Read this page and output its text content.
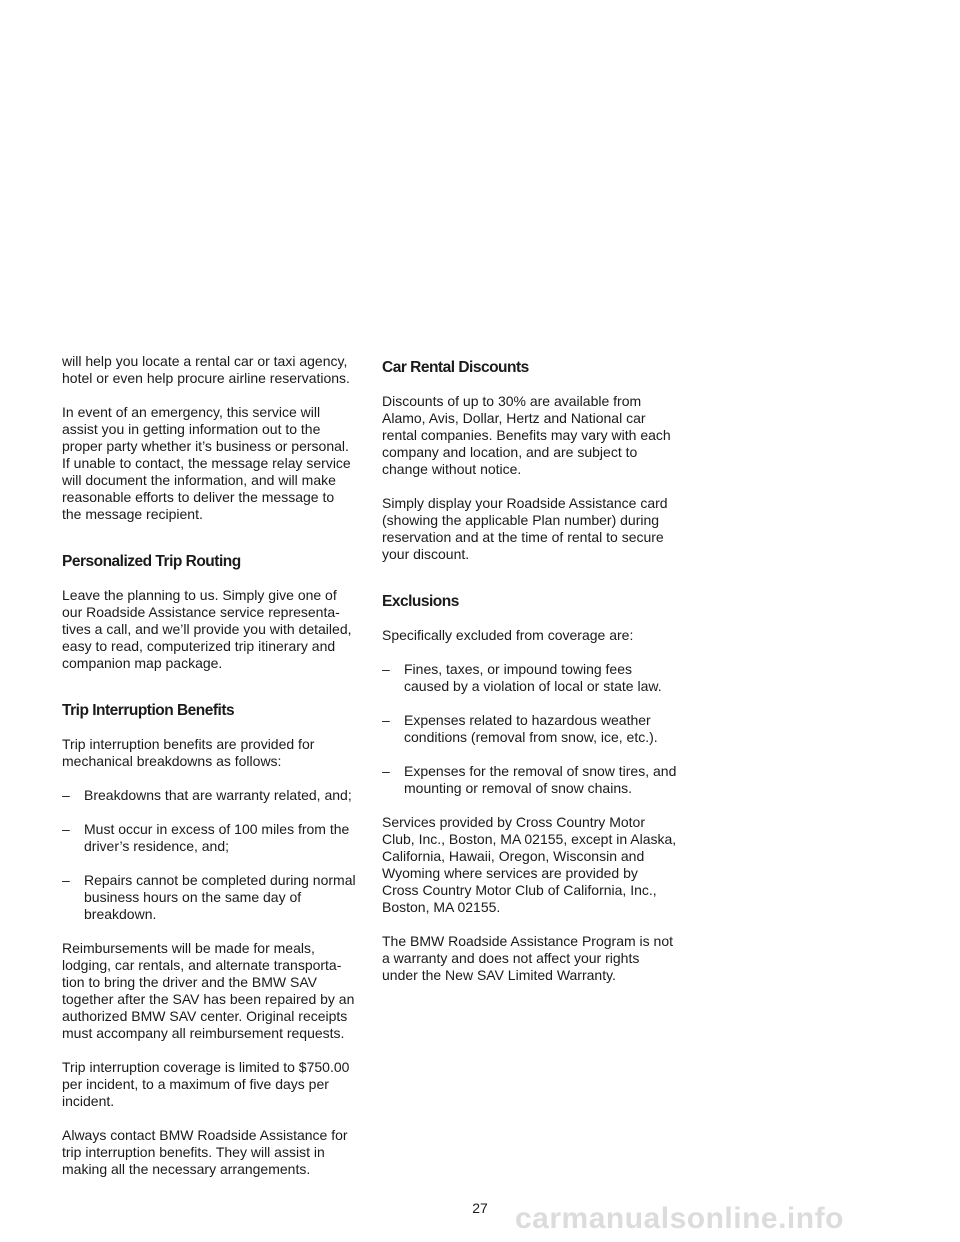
will help you locate a rental car or taxi agency, hotel or even help procure airline reservations.

In event of an emergency, this service will assist you in getting information out to the proper party whether it’s business or personal. If unable to contact, the message relay service will document the information, and will make reasonable efforts to deliver the message to the message recipient.

Personalized Trip Routing

Leave the planning to us. Simply give one of our Roadside Assistance service representatives a call, and we’ll provide you with detailed, easy to read, computerized trip itinerary and companion map package.

Trip Interruption Benefits

Trip interruption benefits are provided for mechanical breakdowns as follows:

– Breakdowns that are warranty related, and;
– Must occur in excess of 100 miles from the driver’s residence, and;
– Repairs cannot be completed during normal business hours on the same day of breakdown.

Reimbursements will be made for meals, lodging, car rentals, and alternate transportation to bring the driver and the BMW SAV together after the SAV has been repaired by an authorized BMW SAV center. Original receipts must accompany all reimbursement requests.

Trip interruption coverage is limited to $750.00 per incident, to a maximum of five days per incident.

Always contact BMW Roadside Assistance for trip interruption benefits. They will assist in making all the necessary arrangements.

Car Rental Discounts

Discounts of up to 30% are available from Alamo, Avis, Dollar, Hertz and National car rental companies. Benefits may vary with each company and location, and are subject to change without notice.

Simply display your Roadside Assistance card (showing the applicable Plan number) during reservation and at the time of rental to secure your discount.

Exclusions

Specifically excluded from coverage are:

– Fines, taxes, or impound towing fees caused by a violation of local or state law.
– Expenses related to hazardous weather conditions (removal from snow, ice, etc.).
– Expenses for the removal of snow tires, and mounting or removal of snow chains.

Services provided by Cross Country Motor Club, Inc., Boston, MA 02155, except in Alaska, California, Hawaii, Oregon, Wisconsin and Wyoming where services are provided by Cross Country Motor Club of California, Inc., Boston, MA 02155.

The BMW Roadside Assistance Program is not a warranty and does not affect your rights under the New SAV Limited Warranty.

27 carmanualsonline.info
